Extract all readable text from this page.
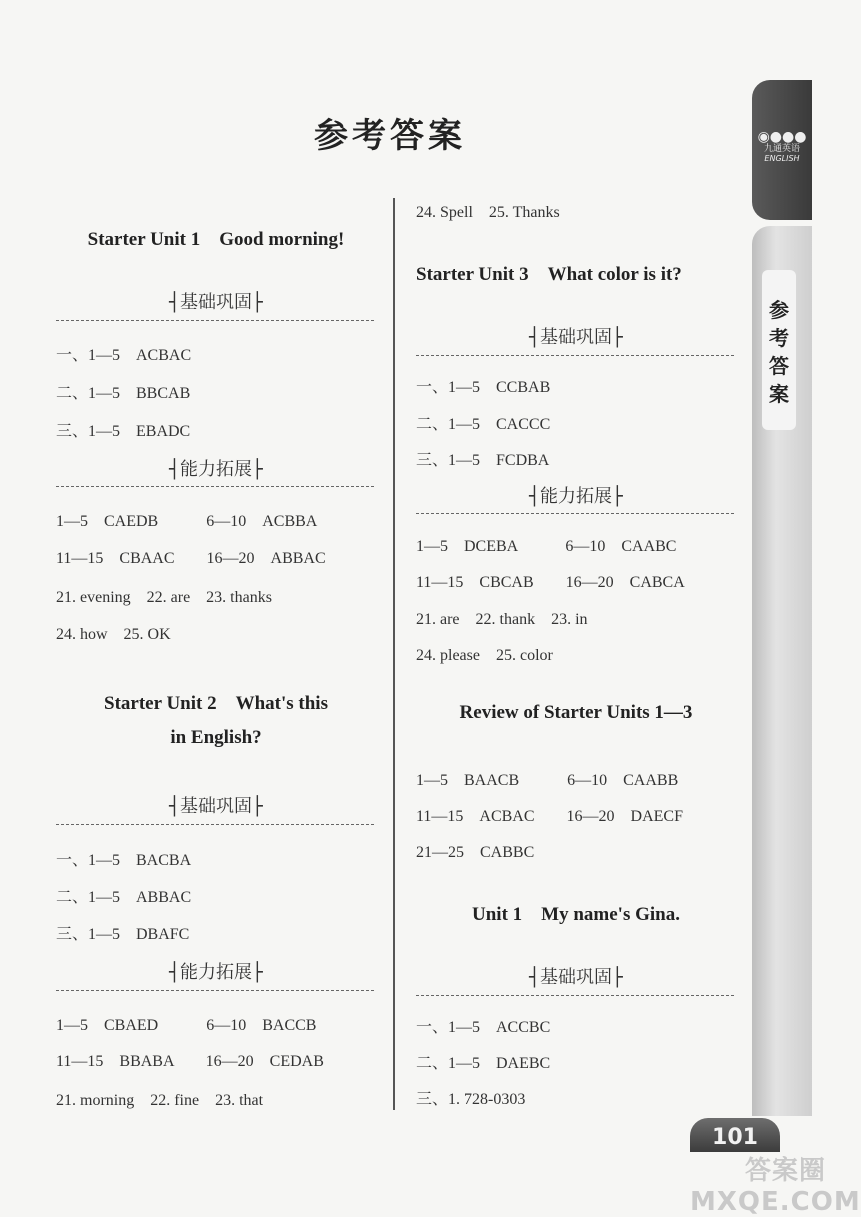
参考答案
Starter Unit 1　Good morning!
┤基础巩固├
一、1—5　ACBAC
二、1—5　BBCAB
三、1—5　EBADC
┤能力拓展├
1—5　CAEDB　　　6—10　ACBBA
11—15　CBAAC　　16—20　ABBAC
21. evening　22. are　23. thanks
24. how　25. OK
Starter Unit 2　What's this
in English?
┤基础巩固├
一、1—5　BACBA
二、1—5　ABBAC
三、1—5　DBAFC
┤能力拓展├
1—5　CBAED　　　6—10　BACCB
11—15　BBABA　　16—20　CEDAB
21. morning　22. fine　23. that
24. Spell　25. Thanks
Starter Unit 3　What color is it?
┤基础巩固├
一、1—5　CCBAB
二、1—5　CACCC
三、1—5　FCDBA
┤能力拓展├
1—5　DCEBA　　　6—10　CAABC
11—15　CBCAB　　16—20　CABCA
21. are　22. thank　23. in
24. please　25. color
Review of Starter Units 1—3
1—5　BAACB　　　6—10　CAABB
11—15　ACBAC　　16—20　DAECF
21—25　CABBC
Unit 1　My name's Gina.
┤基础巩固├
一、1—5　ACCBC
二、1—5　DAEBC
三、1. 728-0303
◉●●●
九通英语
ENGLISH
参考答案
101
答案圈 MXQE.COM
